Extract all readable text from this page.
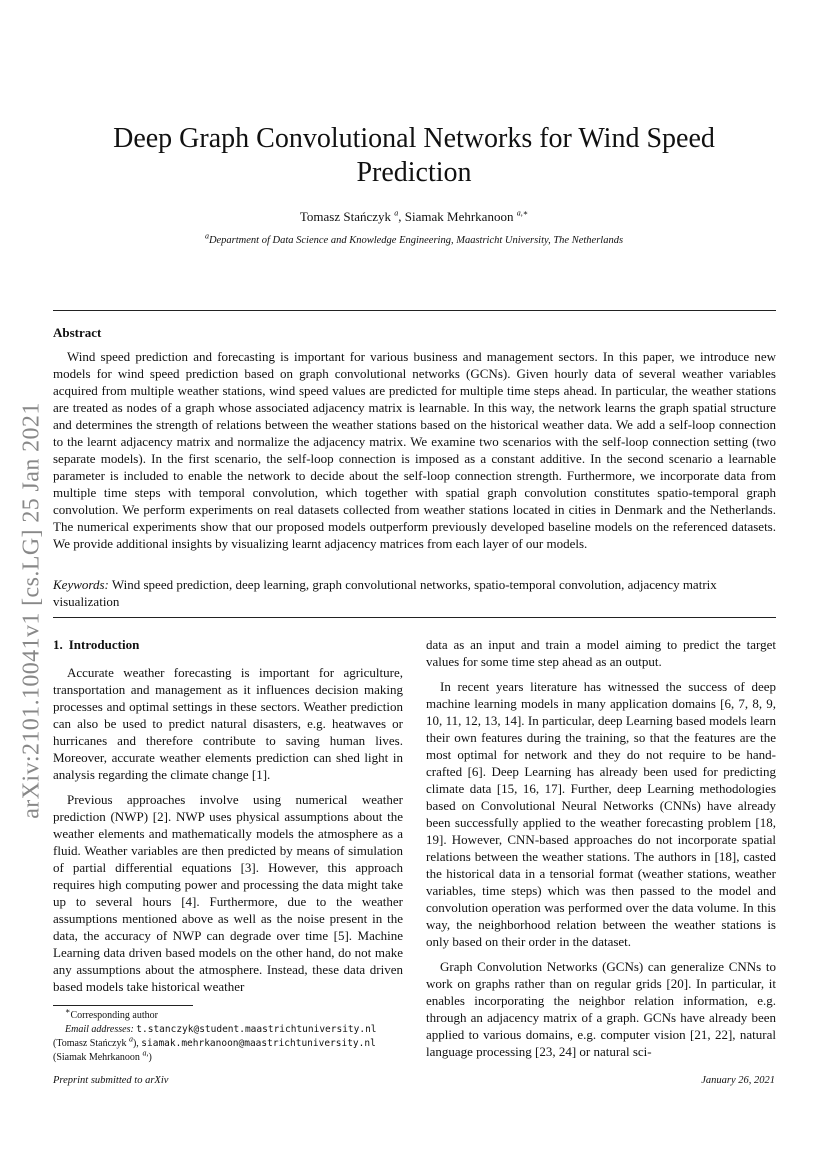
arXiv:2101.10041v1 [cs.LG] 25 Jan 2021
Deep Graph Convolutional Networks for Wind Speed
Prediction
Tomasz Stańczyk $^a$, Siamak Mehrkanoon $^{a,∗}$
$^a$Department of Data Science and Knowledge Engineering, Maastricht University, The Netherlands
Abstract

Wind speed prediction and forecasting is important for various business and management sectors. In this paper, we introduce new models for wind speed prediction based on graph convolutional networks (GCNs). Given hourly data of several weather variables acquired from multiple weather stations, wind speed values are predicted for multiple time steps ahead. In particular, the weather stations are treated as nodes of a graph whose associated adjacency matrix is learnable. In this way, the network learns the graph spatial structure and determines the strength of relations between the weather stations based on the historical weather data. We add a self-loop connection to the learnt adjacency matrix and normalize the adjacency matrix. We examine two scenarios with the self-loop connection setting (two separate models). In the first scenario, the self-loop connection is imposed as a constant additive. In the second scenario a learnable parameter is included to enable the network to decide about the self-loop connection strength. Furthermore, we incorporate data from multiple time steps with temporal convolution, which together with spatial graph convolution constitutes spatio-temporal graph convolution. We perform experiments on real datasets collected from weather stations located in cities in Denmark and the Netherlands. The numerical experiments show that our proposed models outperform previously developed baseline models on the referenced datasets. We provide additional insights by visualizing learnt adjacency matrices from each layer of our models.

Keywords: Wind speed prediction, deep learning, graph convolutional networks, spatio-temporal convolution, adjacency matrix visualization

1. Introduction

Accurate weather forecasting is important for agriculture, transportation and management as it influences decision making processes and optimal settings in these sectors. Weather prediction can also be used to predict natural disasters, e.g. heatwaves or hurricanes and therefore contribute to saving human lives. Moreover, accurate weather elements prediction can shed light in analysis regarding the climate change [1].

Previous approaches involve using numerical weather prediction (NWP) [2]. NWP uses physical assumptions about the weather elements and mathematically models the atmosphere as a fluid. Weather variables are then predicted by means of simulation of partial differential equations [3]. However, this approach requires high computing power and processing the data might take up to several hours [4]. Furthermore, due to the weather assumptions mentioned above as well as the noise present in the data, the accuracy of NWP can degrade over time [5]. Machine Learning data driven based models on the other hand, do not make any assumptions about the atmosphere. Instead, these data driven based models take historical weather

data as an input and train a model aiming to predict the target values for some time step ahead as an output.

In recent years literature has witnessed the success of deep machine learning models in many application domains [6, 7, 8, 9, 10, 11, 12, 13, 14]. In particular, deep Learning based models learn their own features during the training, so that the features are the most optimal for network and they do not require to be hand-crafted [6]. Deep Learning has already been used for predicting climate data [15, 16, 17]. Further, deep Learning methodologies based on Convolutional Neural Networks (CNNs) have already been successfully applied to the weather forecasting problem [18, 19]. However, CNN-based approaches do not incorporate spatial relations between the weather stations. The authors in [18], casted the historical data in a tensorial format (weather stations, weather variables, time steps) which was then passed to the model and convolution operation was performed over the data volume. In this way, the neighborhood relation between the weather stations is only based on their order in the dataset.

Graph Convolution Networks (GCNs) can generalize CNNs to work on graphs rather than on regular grids [20]. In particular, it enables incorporating the neighbor relation information, e.g. through an adjacency matrix of a graph. GCNs have already been applied to various domains, e.g. computer vision [21, 22], natural language processing [23, 24] or natural sci-

∗Corresponding author
Email addresses: t.stanczyk@student.maastrichtuniversity.nl
(Tomasz Stańczyk $^a$), siamak.mehrkanoon@maastrichtuniversity.nl
(Siamak Mehrkanoon $^{a,}$)
Preprint submitted to arXiv	January 26, 2021
